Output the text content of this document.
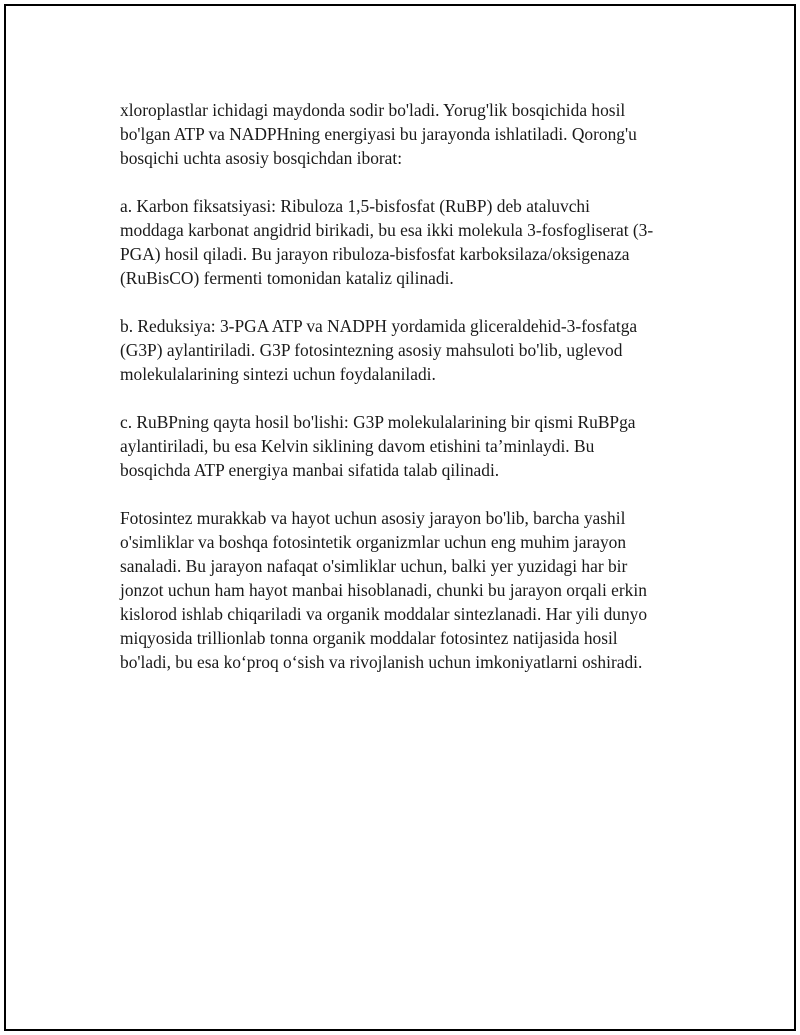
xloroplastlar ichidagi maydonda sodir bo'ladi. Yorug'lik bosqichida hosil
bo'lgan ATP va NADPHning energiyasi bu jarayonda ishlatiladi. Qorong'u
bosqichi uchta asosiy bosqichdan iborat:

a. Karbon fiksatsiyasi: Ribuloza 1,5-bisfosfat (RuBP) deb ataluvchi
moddaga karbonat angidrid birikadi, bu esa ikki molekula 3-fosfogliserat (3-
PGA) hosil qiladi. Bu jarayon ribuloza-bisfosfat karboksilaza/oksigenaza
(RuBisCO) fermenti tomonidan kataliz qilinadi.

b. Reduksiya: 3-PGA ATP va NADPH yordamida gliceraldehid-3-fosfatga
(G3P) aylantiriladi. G3P fotosintezning asosiy mahsuloti bo'lib, uglevod
molekulalarining sintezi uchun foydalaniladi.

c. RuBPning qayta hosil bo'lishi: G3P molekulalarining bir qismi RuBPga
aylantiriladi, bu esa Kelvin siklining davom etishini ta’minlaydi. Bu
bosqichda ATP energiya manbai sifatida talab qilinadi.

Fotosintez murakkab va hayot uchun asosiy jarayon bo'lib, barcha yashil
o'simliklar va boshqa fotosintetik organizmlar uchun eng muhim jarayon
sanaladi. Bu jarayon nafaqat o'simliklar uchun, balki yer yuzidagi har bir
jonzot uchun ham hayot manbai hisoblanadi, chunki bu jarayon orqali erkin
kislorod ishlab chiqariladi va organik moddalar sintezlanadi. Har yili dunyo
miqyosida trillionlab tonna organik moddalar fotosintez natijasida hosil
bo'ladi, bu esa ko‘proq o‘sish va rivojlanish uchun imkoniyatlarni oshiradi.
